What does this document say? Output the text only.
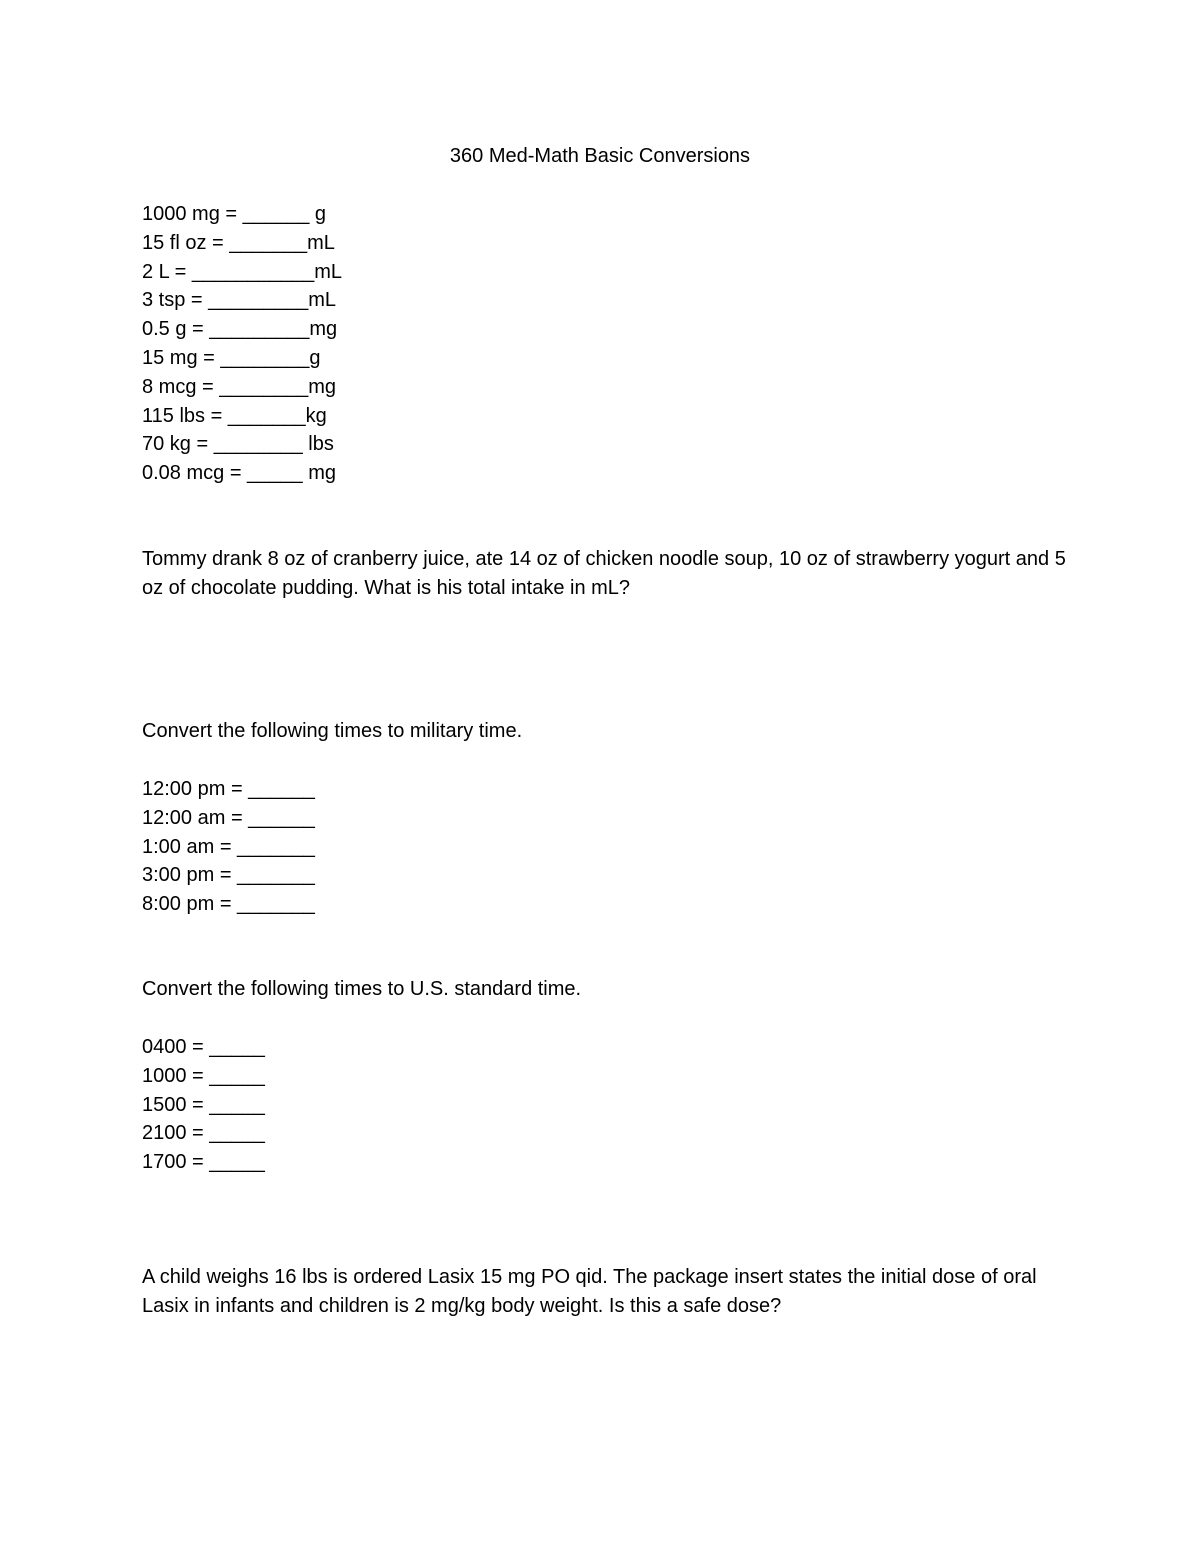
360 Med-Math Basic Conversions
1000 mg = ______ g
15 fl oz = _______mL
2 L = ___________mL
3 tsp = _________mL
0.5 g = _________mg
15 mg = ________g
8 mcg = ________mg
115 lbs = _______kg
70 kg = ________ lbs
0.08 mcg = _____ mg
Tommy drank 8 oz of cranberry juice, ate 14 oz of chicken noodle soup, 10 oz of strawberry yogurt and 5 oz of chocolate pudding. What is his total intake in mL?
Convert the following times to military time.
12:00 pm = ______
12:00 am = ______
1:00 am = _______
3:00 pm = _______
8:00 pm = _______
Convert the following times to U.S. standard time.
0400 = _____
1000 = _____
1500 = _____
2100 = _____
1700 = _____
A child weighs 16 lbs is ordered Lasix 15 mg PO qid. The package insert states the initial dose of oral Lasix in infants and children is 2 mg/kg body weight. Is this a safe dose?
